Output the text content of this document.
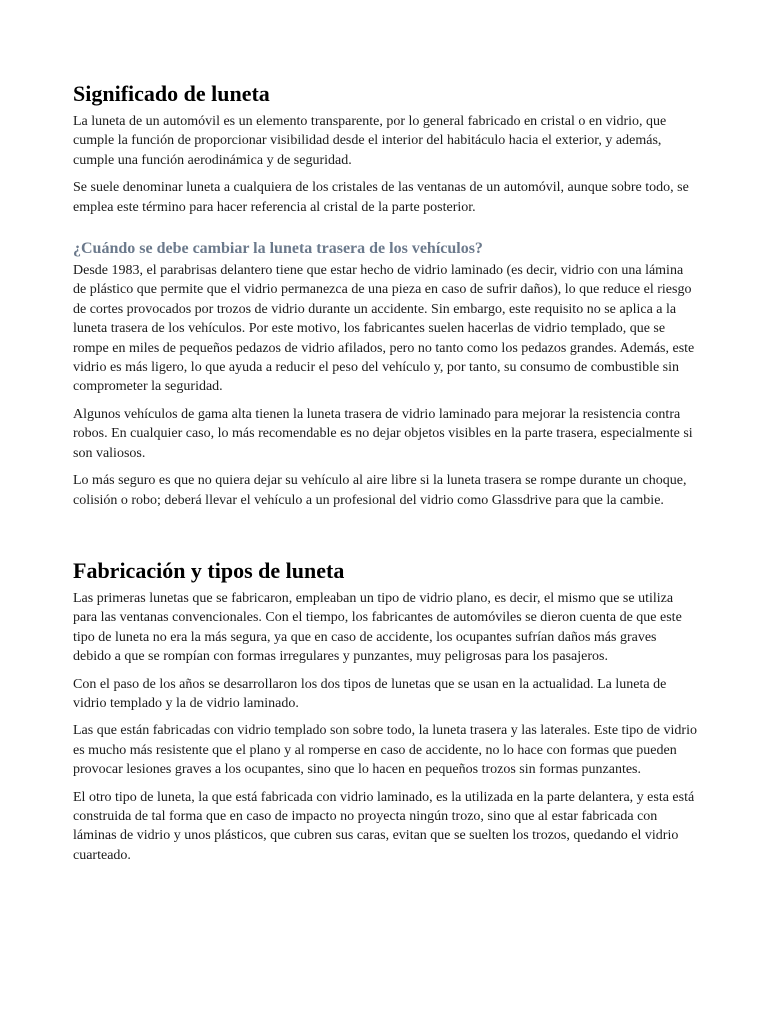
Significado de luneta

La luneta de un automóvil es un elemento transparente, por lo general fabricado en cristal o en vidrio, que cumple la función de proporcionar visibilidad desde el interior del habitáculo hacia el exterior, y además, cumple una función aerodinámica y de seguridad.

Se suele denominar luneta a cualquiera de los cristales de las ventanas de un automóvil, aunque sobre todo, se emplea este término para hacer referencia al cristal de la parte posterior.

¿Cuándo se debe cambiar la luneta trasera de los vehículos?

Desde 1983, el parabrisas delantero tiene que estar hecho de vidrio laminado (es decir, vidrio con una lámina de plástico que permite que el vidrio permanezca de una pieza en caso de sufrir daños), lo que reduce el riesgo de cortes provocados por trozos de vidrio durante un accidente. Sin embargo, este requisito no se aplica a la luneta trasera de los vehículos. Por este motivo, los fabricantes suelen hacerlas de vidrio templado, que se rompe en miles de pequeños pedazos de vidrio afilados, pero no tanto como los pedazos grandes. Además, este vidrio es más ligero, lo que ayuda a reducir el peso del vehículo y, por tanto, su consumo de combustible sin comprometer la seguridad.

Algunos vehículos de gama alta tienen la luneta trasera de vidrio laminado para mejorar la resistencia contra robos. En cualquier caso, lo más recomendable es no dejar objetos visibles en la parte trasera, especialmente si son valiosos.

Lo más seguro es que no quiera dejar su vehículo al aire libre si la luneta trasera se rompe durante un choque, colisión o robo; deberá llevar el vehículo a un profesional del vidrio como Glassdrive para que la cambie.

Fabricación y tipos de luneta

Las primeras lunetas que se fabricaron, empleaban un tipo de vidrio plano, es decir, el mismo que se utiliza para las ventanas convencionales. Con el tiempo, los fabricantes de automóviles se dieron cuenta de que este tipo de luneta no era la más segura, ya que en caso de accidente, los ocupantes sufrían daños más graves debido a que se rompían con formas irregulares y punzantes, muy peligrosas para los pasajeros.

Con el paso de los años se desarrollaron los dos tipos de lunetas que se usan en la actualidad. La luneta de vidrio templado y la de vidrio laminado.

Las que están fabricadas con vidrio templado son sobre todo, la luneta trasera y las laterales. Este tipo de vidrio es mucho más resistente que el plano y al romperse en caso de accidente, no lo hace con formas que pueden provocar lesiones graves a los ocupantes, sino que lo hacen en pequeños trozos sin formas punzantes.

El otro tipo de luneta, la que está fabricada con vidrio laminado, es la utilizada en la parte delantera, y esta está construida de tal forma que en caso de impacto no proyecta ningún trozo, sino que al estar fabricada con láminas de vidrio y unos plásticos, que cubren sus caras, evitan que se suelten los trozos, quedando el vidrio cuarteado.
